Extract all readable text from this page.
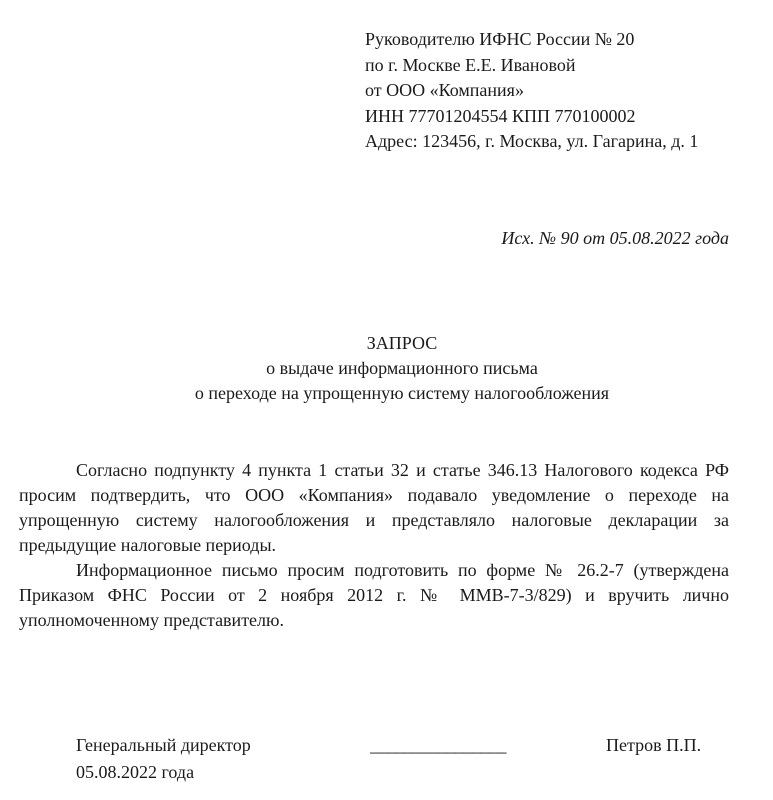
Руководителю ИФНС России № 20
по г. Москве Е.Е. Ивановой
от ООО «Компания»
ИНН 77701204554 КПП 770100002
Адрес: 123456, г. Москва, ул. Гагарина, д. 1
Исх. № 90 от 05.08.2022 года
ЗАПРОС
о выдаче информационного письма
о переходе на упрощенную систему налогообложения

Согласно подпункту 4 пункта 1 статьи 32 и статье 346.13 Налогового кодекса РФ просим подтвердить, что ООО «Компания» подавало уведомление о переходе на упрощенную систему налогообложения и представляло налоговые декларации за предыдущие налоговые периоды.

Информационное письмо просим подготовить по форме № 26.2-7 (утверждена Приказом ФНС России от 2 ноября 2012 г. № ММВ-7-3/829) и вручить лично уполномоченному представителю.

Генеральный директор
05.08.2022 года
________________	Петров П.П.
